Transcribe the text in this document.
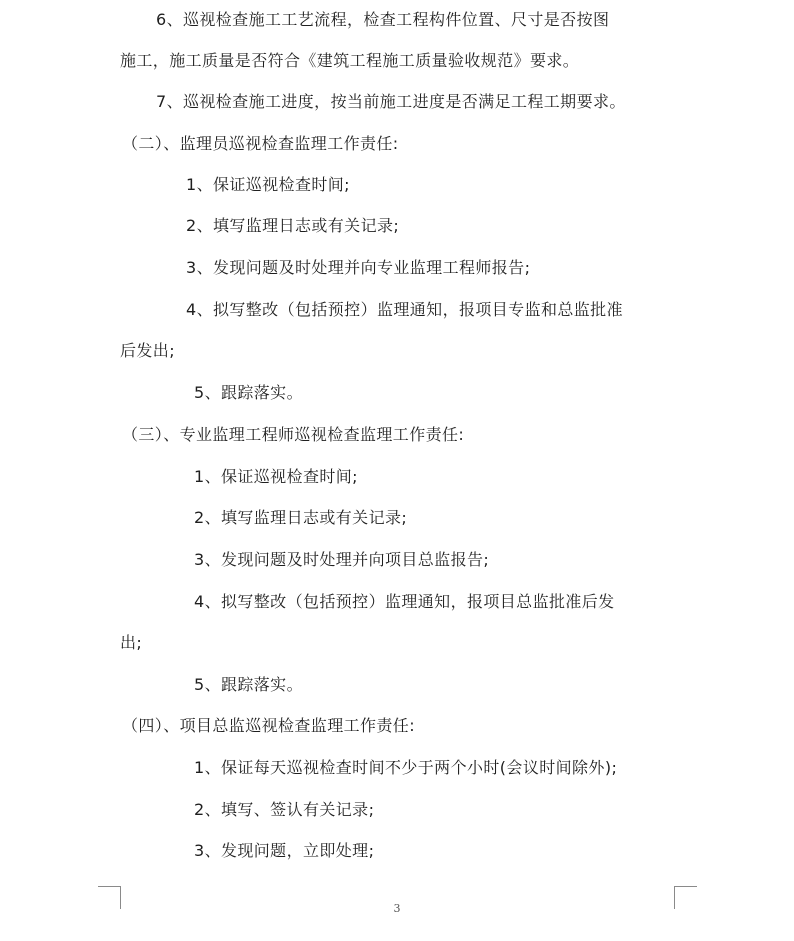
6、巡视检查施工工艺流程，检查工程构件位置、尺寸是否按图
施工，施工质量是否符合《建筑工程施工质量验收规范》要求。
7、巡视检查施工进度，按当前施工进度是否满足工程工期要求。
（二）、监理员巡视检查监理工作责任:
1、保证巡视检查时间;
2、填写监理日志或有关记录;
3、发现问题及时处理并向专业监理工程师报告;
4、拟写整改（包括预控）监理通知，报项目专监和总监批准
后发出;
5、跟踪落实。
（三）、专业监理工程师巡视检查监理工作责任:
1、保证巡视检查时间;
2、填写监理日志或有关记录;
3、发现问题及时处理并向项目总监报告;
4、拟写整改（包括预控）监理通知，报项目总监批准后发
出;
5、跟踪落实。
（四）、项目总监巡视检查监理工作责任:
1、保证每天巡视检查时间不少于两个小时(会议时间除外);
2、填写、签认有关记录;
3、发现问题，立即处理;
3
